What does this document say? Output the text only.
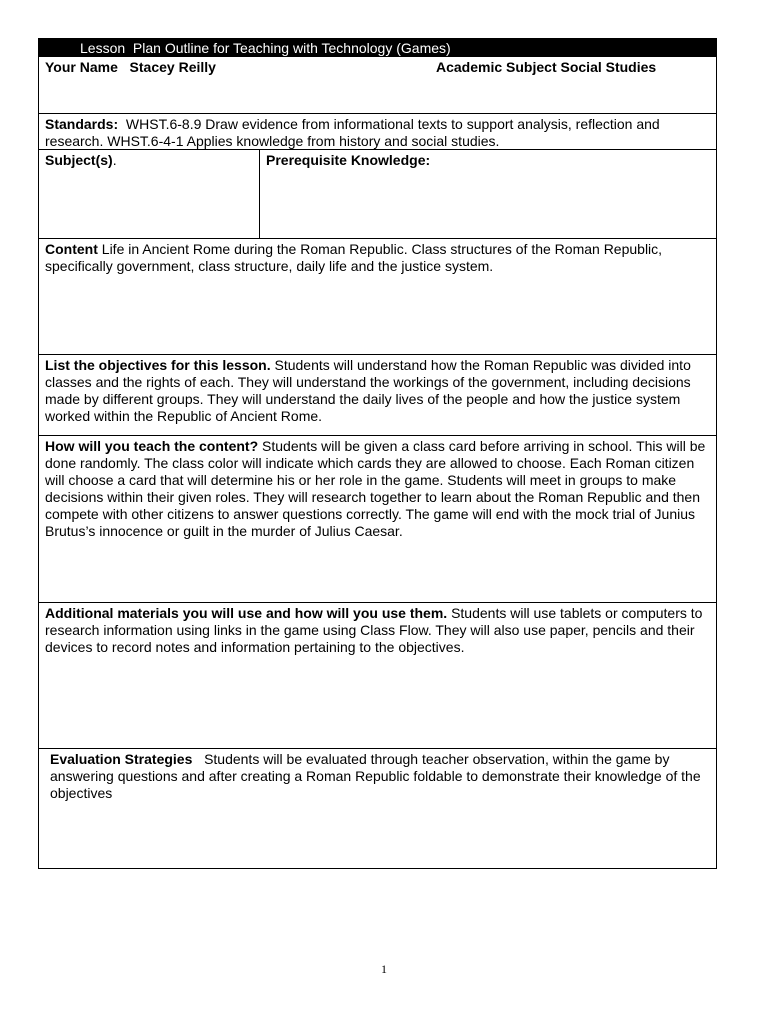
Lesson  Plan Outline for Teaching with Technology (Games)
Your Name Stacey Reilly	Academic Subject Social Studies
Standards: WHST.6-8.9 Draw evidence from informational texts to support analysis, reflection and research. WHST.6-4-1 Applies knowledge from history and social studies.
Subject(s).	Prerequisite Knowledge:
Content Life in Ancient Rome during the Roman Republic. Class structures of the Roman Republic, specifically government, class structure, daily life and the justice system.
List the objectives for this lesson. Students will understand how the Roman Republic was divided into classes and the rights of each. They will understand the workings of the government, including decisions made by different groups. They will understand the daily lives of the people and how the justice system worked within the Republic of Ancient Rome.
How will you teach the content? Students will be given a class card before arriving in school. This will be done randomly. The class color will indicate which cards they are allowed to choose. Each Roman citizen will choose a card that will determine his or her role in the game. Students will meet in groups to make decisions within their given roles. They will research together to learn about the Roman Republic and then compete with other citizens to answer questions correctly. The game will end with the mock trial of Junius Brutus’s innocence or guilt in the murder of Julius Caesar.
Additional materials you will use and how will you use them. Students will use tablets or computers to research information using links in the game using Class Flow. They will also use paper, pencils and their devices to record notes and information pertaining to the objectives.
Evaluation Strategies Students will be evaluated through teacher observation, within the game by answering questions and after creating a Roman Republic foldable to demonstrate their knowledge of the objectives
1
